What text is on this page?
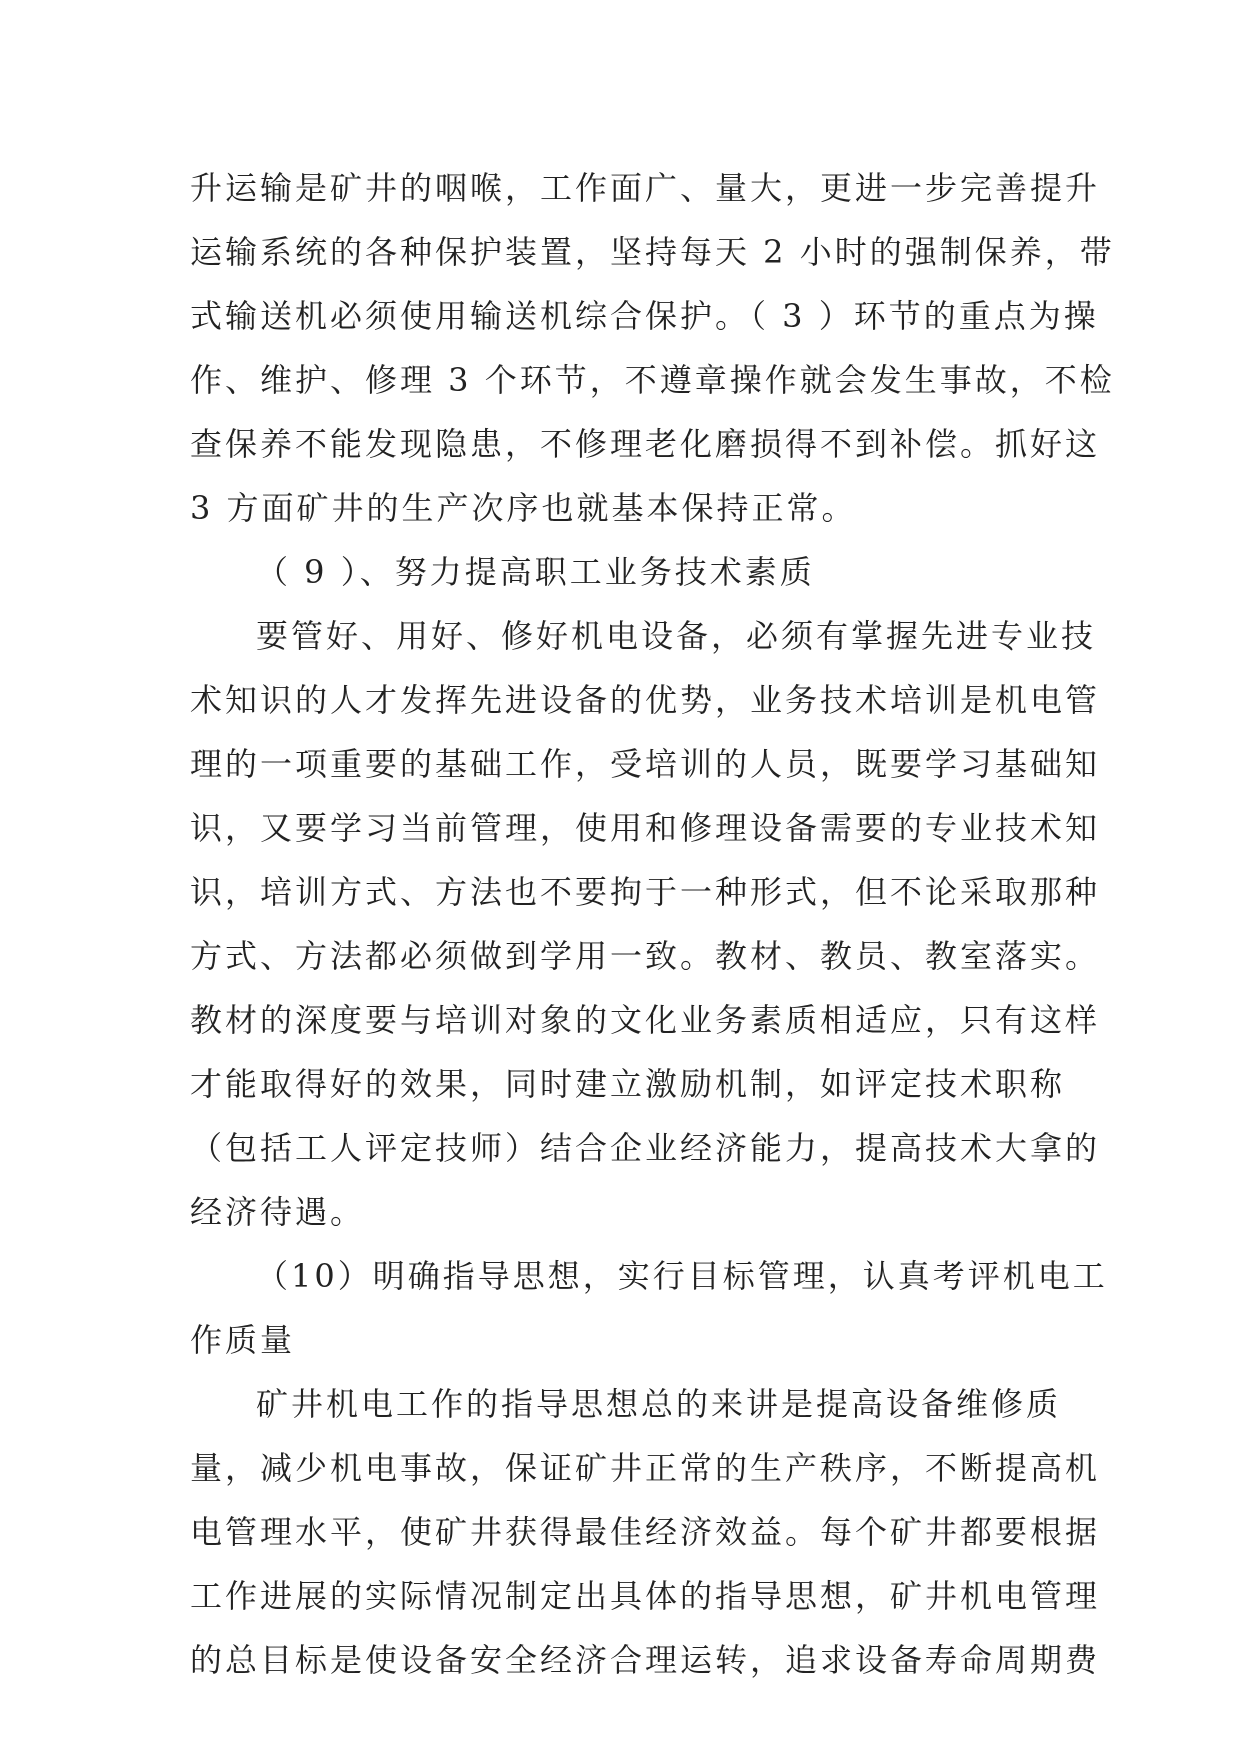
升运输是矿井的咽喉，工作面广、量大，更进一步完善提升
运输系统的各种保护装置，坚持每天 2 小时的强制保养，带
式输送机必须使用输送机综合保护。（ 3 ）环节的重点为操
作、维护、修理 3 个环节，不遵章操作就会发生事故，不检
查保养不能发现隐患，不修理老化磨损得不到补偿。抓好这
3 方面矿井的生产次序也就基本保持正常。
（ 9 ）、努力提高职工业务技术素质
要管好、用好、修好机电设备，必须有掌握先进专业技
术知识的人才发挥先进设备的优势，业务技术培训是机电管
理的一项重要的基础工作，受培训的人员，既要学习基础知
识，又要学习当前管理，使用和修理设备需要的专业技术知
识，培训方式、方法也不要拘于一种形式，但不论采取那种
方式、方法都必须做到学用一致。教材、教员、教室落实。
教材的深度要与培训对象的文化业务素质相适应，只有这样
才能取得好的效果，同时建立激励机制，如评定技术职称
（包括工人评定技师）结合企业经济能力，提高技术大拿的
经济待遇。
（10）明确指导思想，实行目标管理，认真考评机电工
作质量
矿井机电工作的指导思想总的来讲是提高设备维修质
量，减少机电事故，保证矿井正常的生产秩序，不断提高机
电管理水平，使矿井获得最佳经济效益。每个矿井都要根据
工作进展的实际情况制定出具体的指导思想，矿井机电管理
的总目标是使设备安全经济合理运转，追求设备寿命周期费
